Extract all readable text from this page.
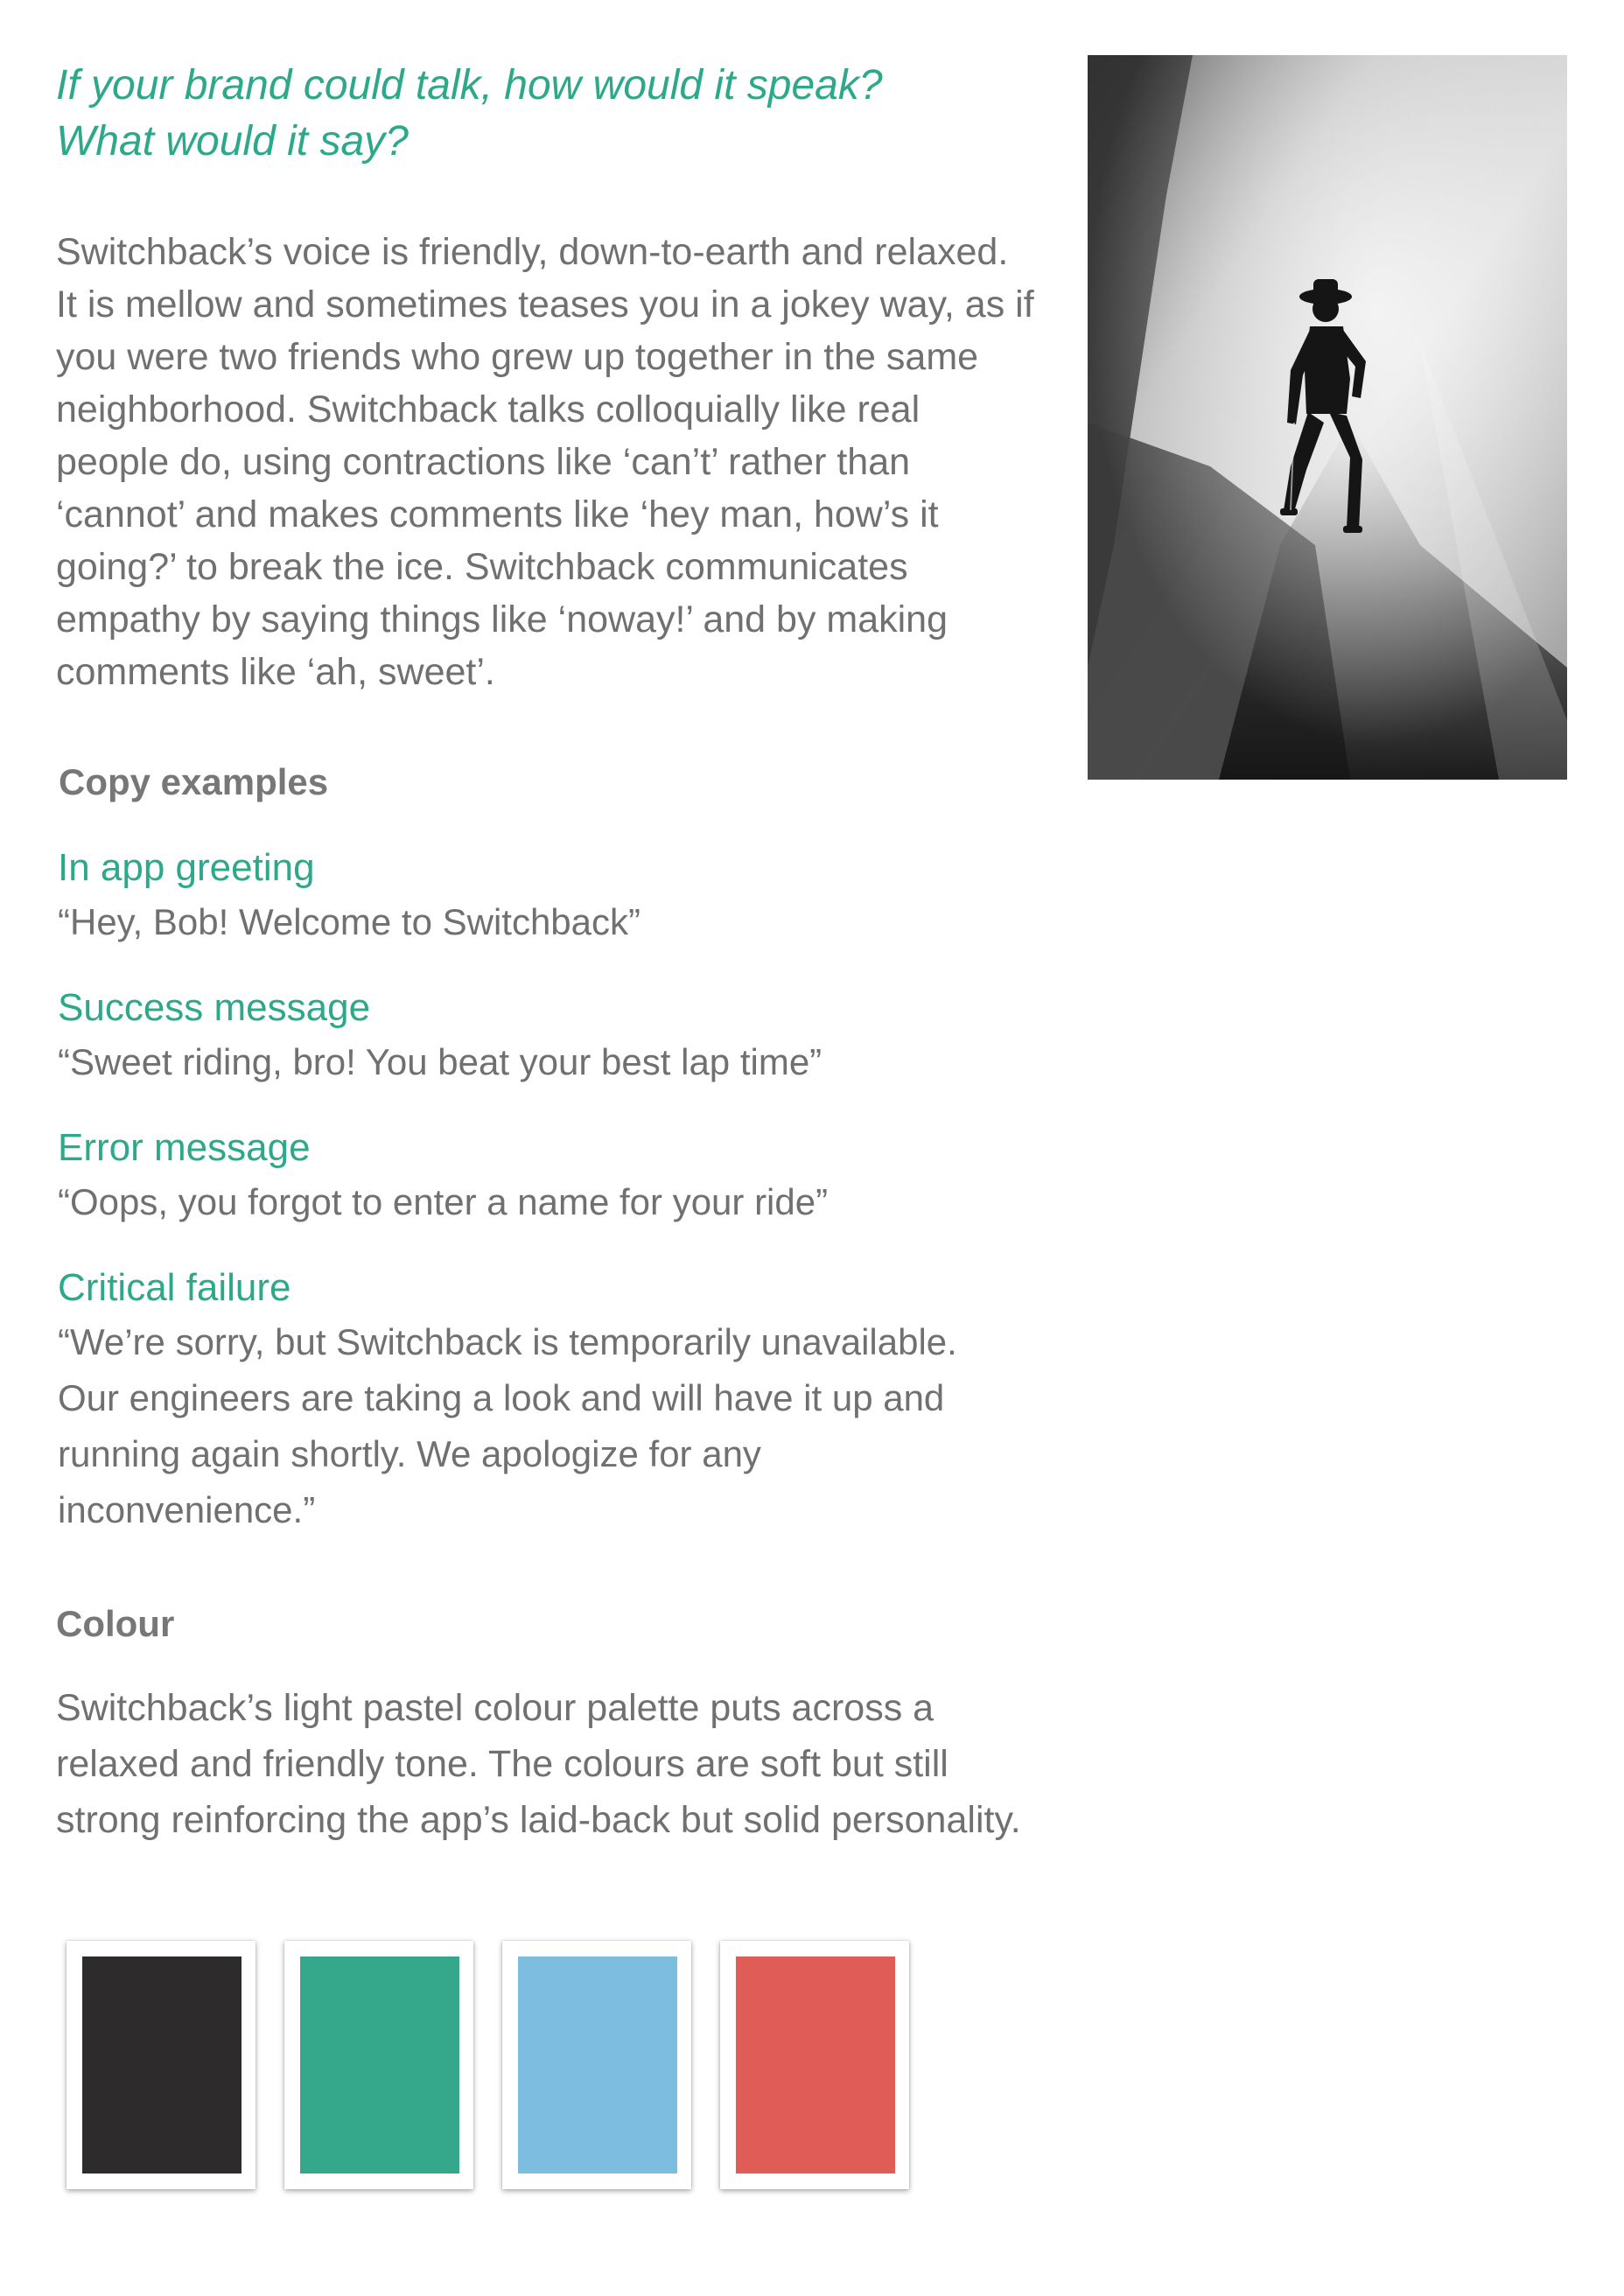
If your brand could talk, how would it speak?
What would it say?

Switchback’s voice is friendly, down-to-earth and relaxed. It is mellow and sometimes teases you in a jokey way, as if you were two friends who grew up together in the same neighborhood. Switchback talks colloquially like real people do, using contractions like ‘can’t’ rather than ‘cannot’ and makes comments like ‘hey man, how’s it going?’ to break the ice. Switchback communicates empathy by saying things like ‘noway!’ and by making comments like ‘ah, sweet’.

Copy examples

In app greeting

“Hey, Bob! Welcome to Switchback”

Success message

“Sweet riding, bro! You beat your best lap time”

Error message

“Oops, you forgot to enter a name for your ride”

Critical failure

“We’re sorry, but Switchback is temporarily unavailable. Our engineers are taking a look and will have it up and running again shortly. We apologize for any inconvenience.”

Colour

Switchback’s light pastel colour palette puts across a relaxed and friendly tone. The colours are soft but still strong reinforcing the app’s laid-back but solid personality.
